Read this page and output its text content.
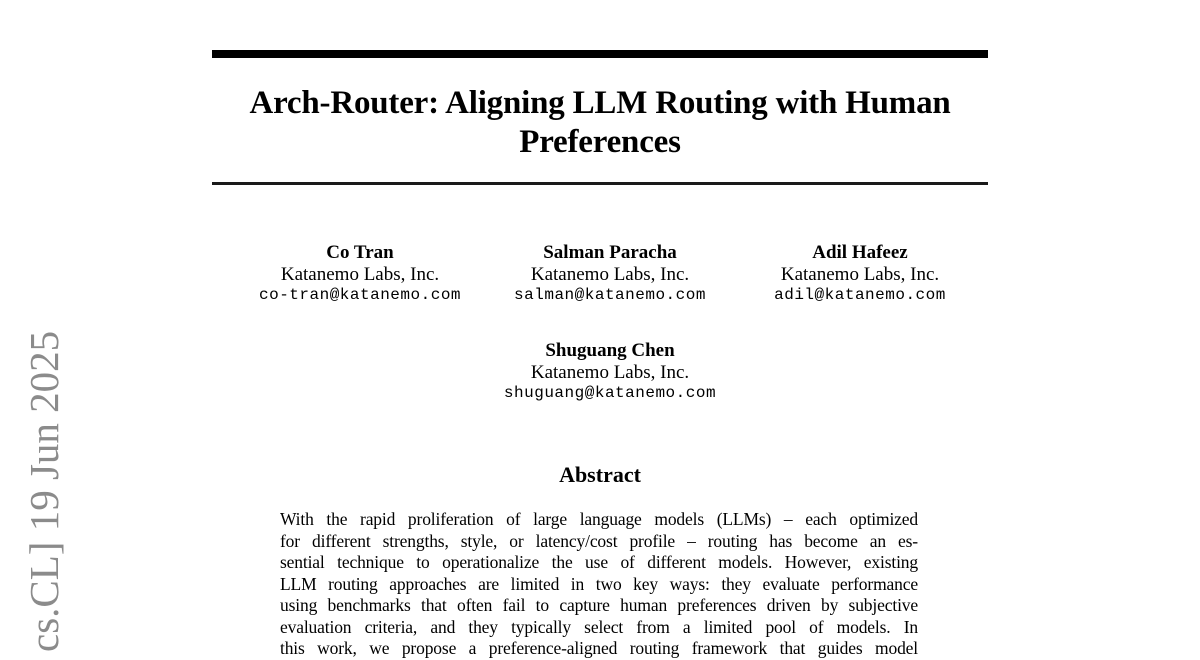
cs.CL] 19 Jun 2025
Arch-Router: Aligning LLM Routing with Human
Preferences
Co Tran
Katanemo Labs, Inc.
co-tran@katanemo.com
Salman Paracha
Katanemo Labs, Inc.
salman@katanemo.com
Adil Hafeez
Katanemo Labs, Inc.
adil@katanemo.com
Shuguang Chen
Katanemo Labs, Inc.
shuguang@katanemo.com
Abstract
With the rapid proliferation of large language models (LLMs) – each optimized
for different strengths, style, or latency/cost profile – routing has become an es-
sential technique to operationalize the use of different models. However, existing
LLM routing approaches are limited in two key ways: they evaluate performance
using benchmarks that often fail to capture human preferences driven by subjective
evaluation criteria, and they typically select from a limited pool of models. In
this work, we propose a preference-aligned routing framework that guides model
